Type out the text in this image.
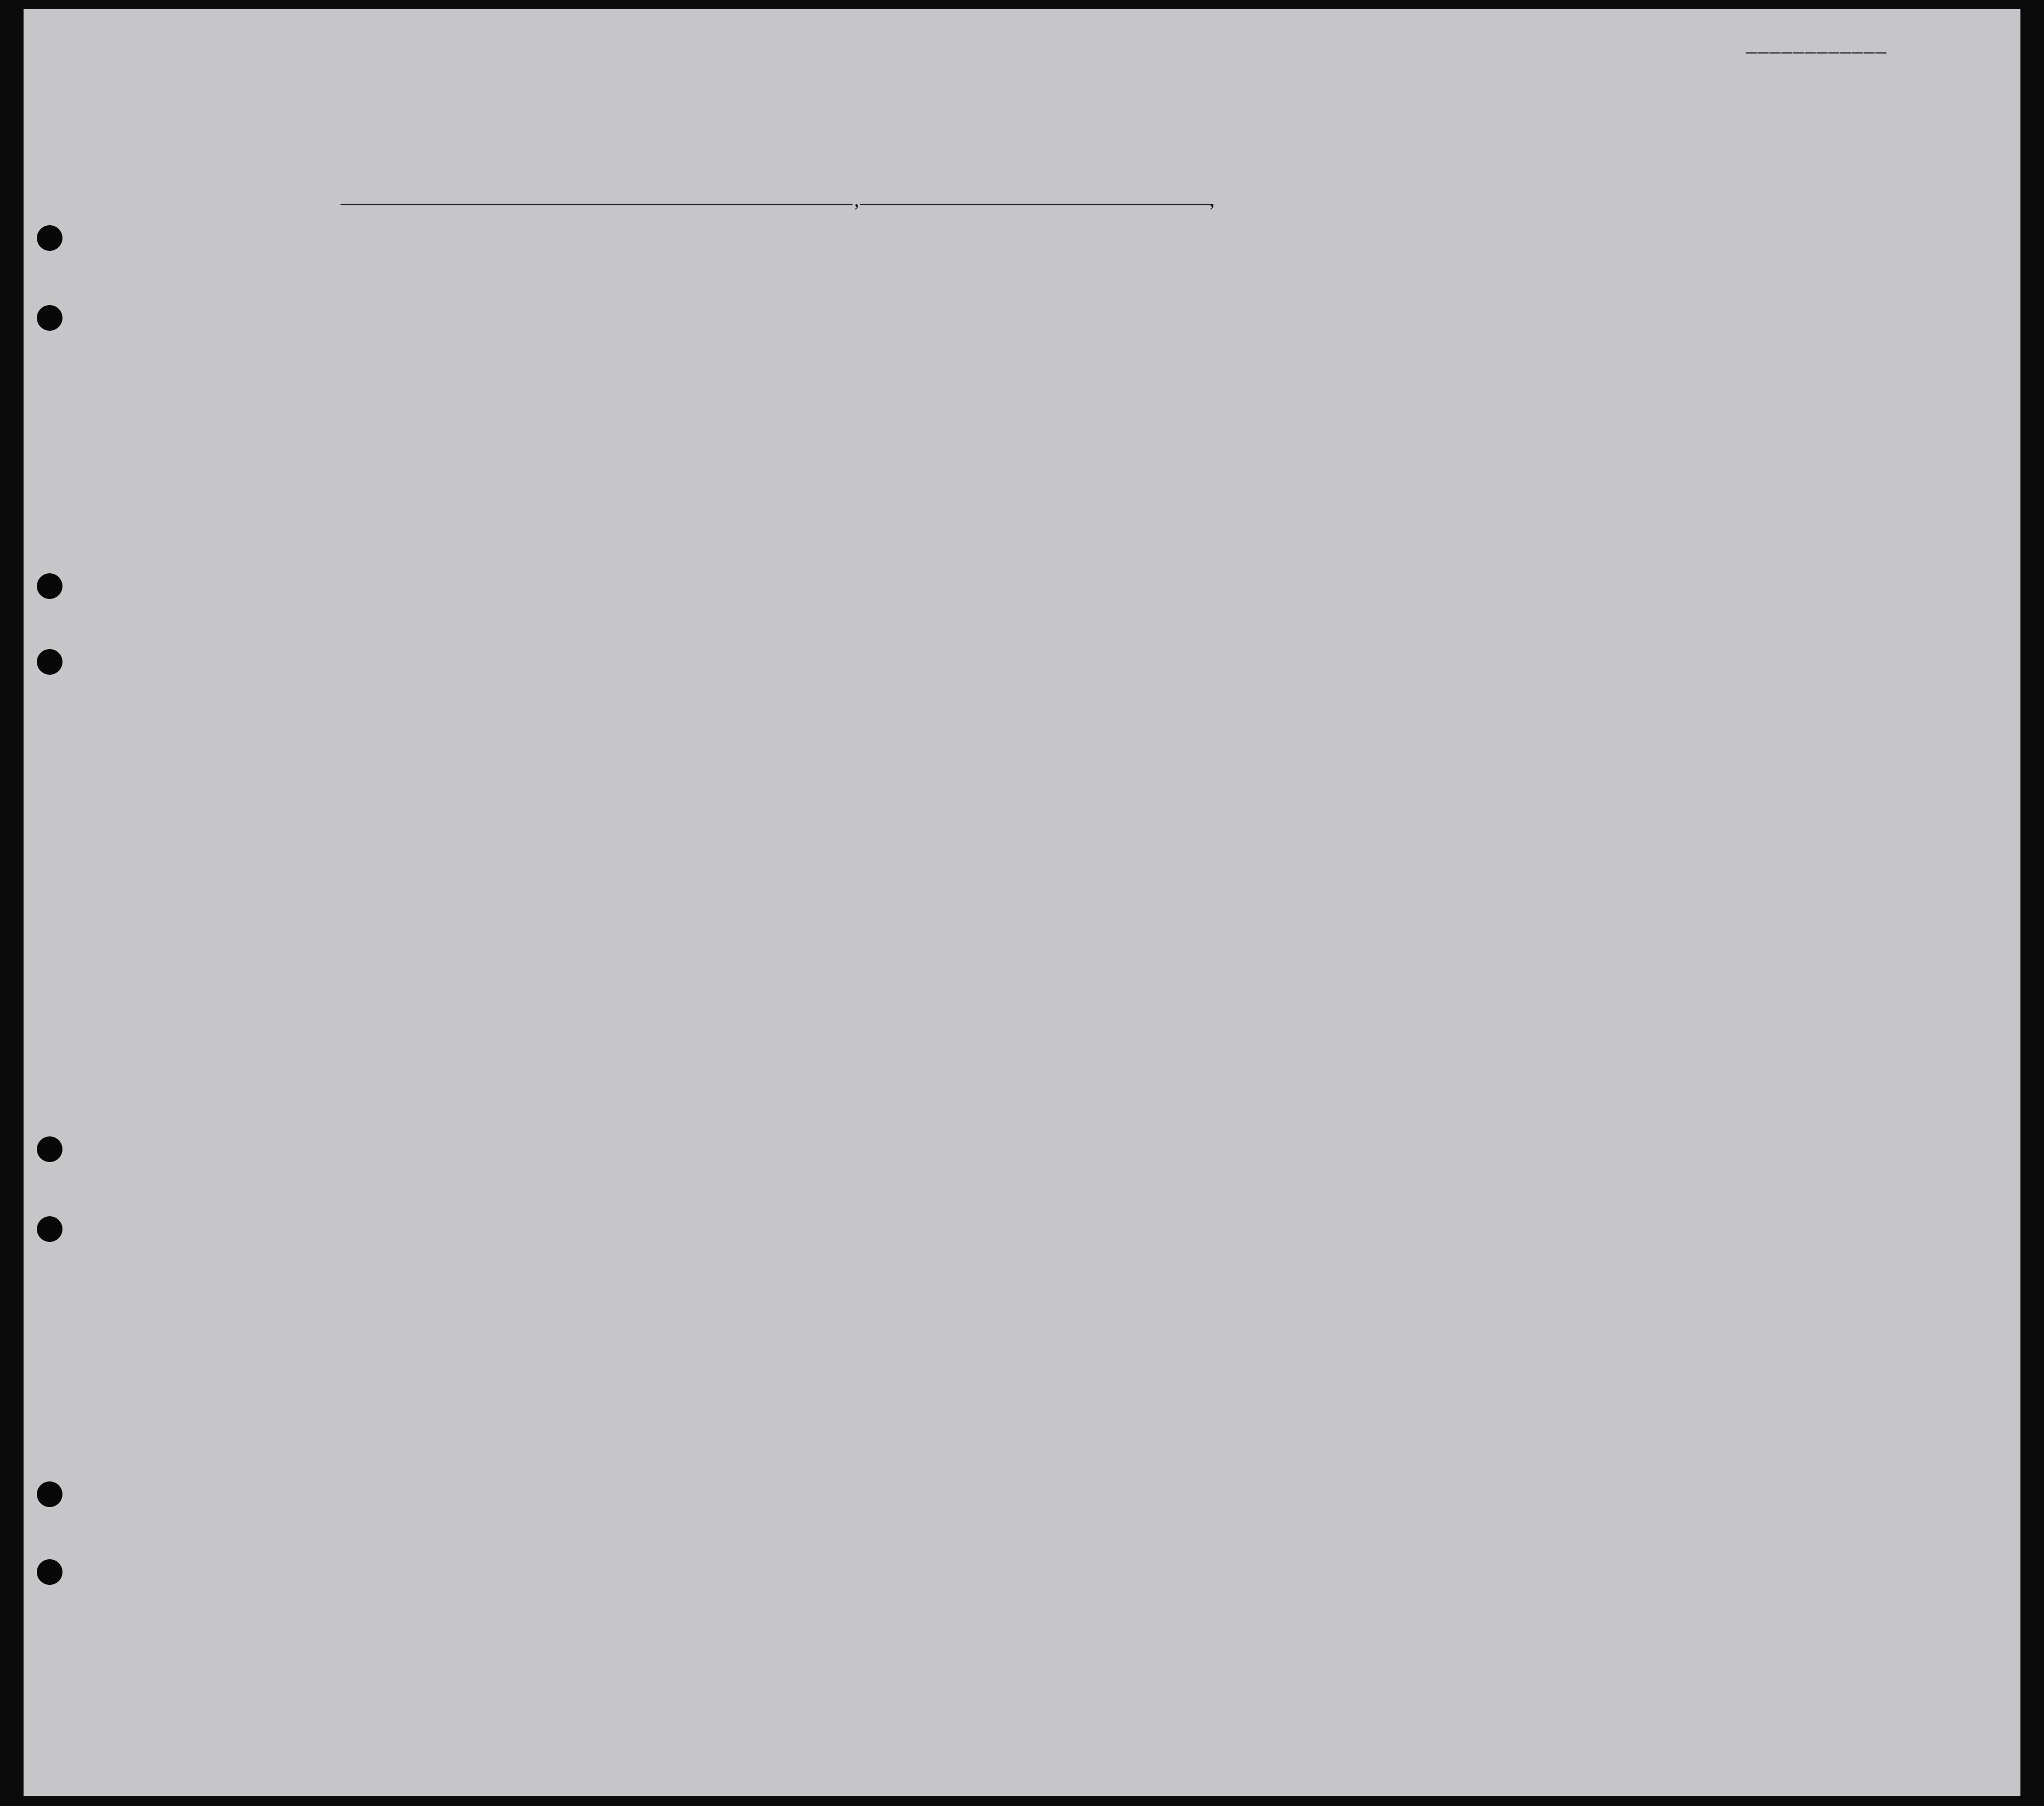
____________
,	,
